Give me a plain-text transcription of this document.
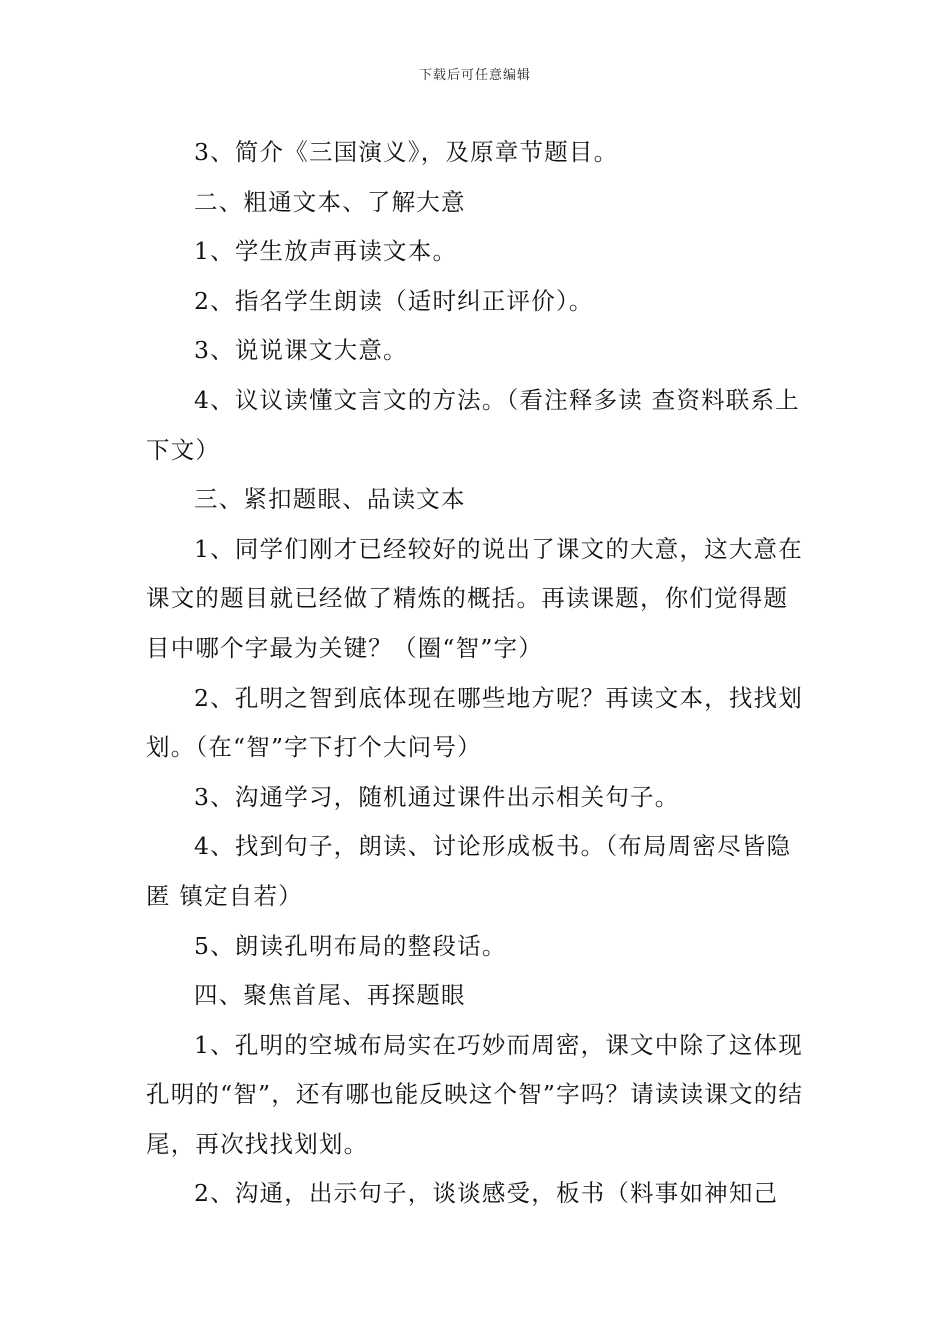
下载后可任意编辑

3、简介《三国演义》，及原章节题目。

二、粗通文本、了解大意

1、学生放声再读文本。

2、指名学生朗读（适时纠正评价）。

3、说说课文大意。

4、议议读懂文言文的方法。（看注释多读 查资料联系上下文）

三、紧扣题眼、品读文本

1、同学们刚才已经较好的说出了课文的大意，这大意在课文的题目就已经做了精炼的概括。再读课题，你们觉得题目中哪个字最为关键？（圈“智”字）

2、孔明之智到底体现在哪些地方呢？再读文本，找找划划。（在“智”字下打个大问号）

3、沟通学习，随机通过课件出示相关句子。

4、找到句子，朗读、讨论形成板书。（布局周密尽皆隐匿 镇定自若）

5、朗读孔明布局的整段话。

四、聚焦首尾、再探题眼

1、孔明的空城布局实在巧妙而周密，课文中除了这体现孔明的“智”，还有哪也能反映这个智”字吗？请读读课文的结尾，再次找找划划。

2、沟通，出示句子，谈谈感受，板书（料事如神知己
